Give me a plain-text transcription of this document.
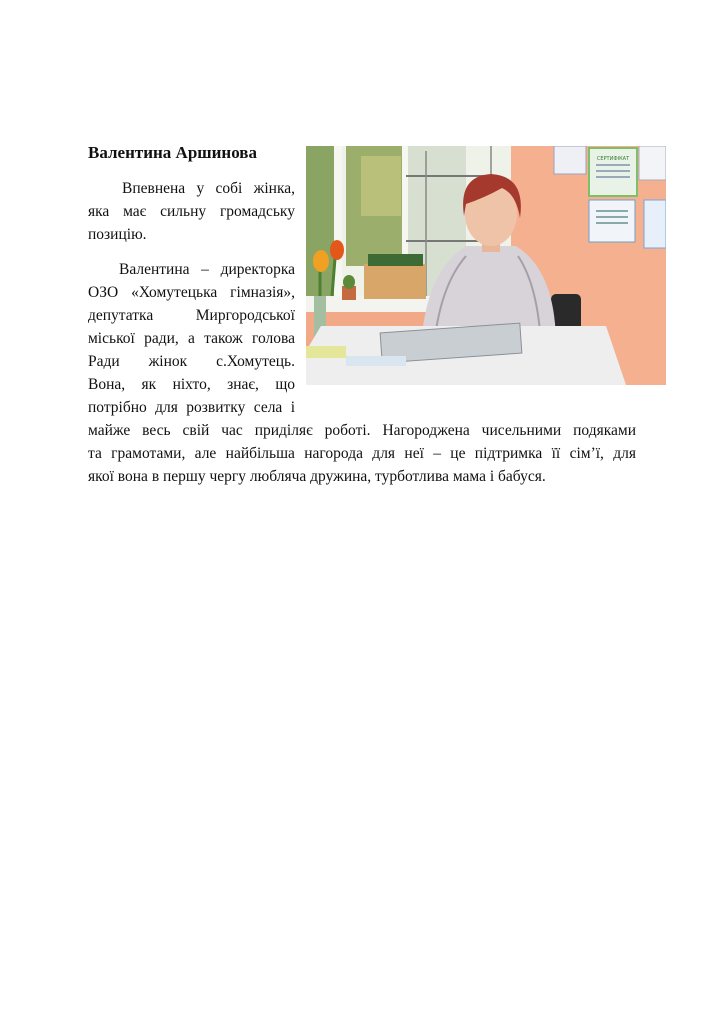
Валентина Аршинова
Впевнена у собі жінка,
яка має сильну громадську
позицію.
Валентина – директорка
ОЗО «Хомутецька гімназія»,
депутатка Миргородської
міської ради, а також голова
Ради жінок с.Хомутець.
Вона, як ніхто, знає, що
потрібно для розвитку села і
майже весь свій час приділяє роботі. Нагороджена чисельними подяками
та грамотами, але найбільша нагорода для неї – це підтримка її сім’ї, для
якої вона в першу чергу любляча дружина, турботлива мама і бабуся.
СЕРТИФІКАТ
